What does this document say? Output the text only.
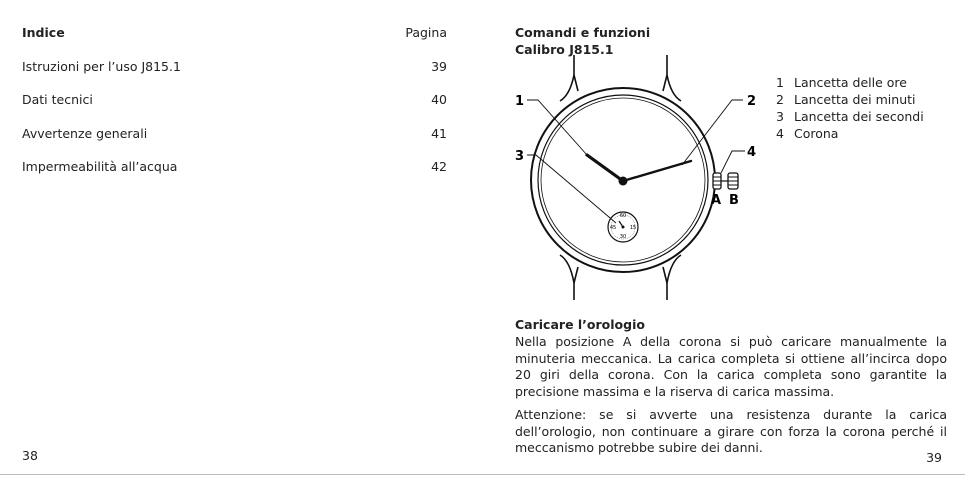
Indice	Pagina
Istruzioni per l’uso J815.1	39
Dati tecnici	40
Avvertenze generali	41
Impermeabilità all’acqua	42
38
Comandi e funzioni
Calibro J815.1
60
15
30
45
1	2
3	4
A B
1 Lancetta delle ore
2 Lancetta dei minuti
3 Lancetta dei secondi
4 Corona
Caricare l’orologio
Nella posizione A della corona si può caricare manualmente la minuteria meccanica. La carica completa si ottiene all’incirca dopo 20 giri della corona. Con la carica completa sono garantite la precisione massima e la riserva di carica massima.
Attenzione: se si avverte una resistenza durante la carica dell’orologio, non continuare a girare con forza la corona perché il meccanismo potrebbe subire dei danni.
39
